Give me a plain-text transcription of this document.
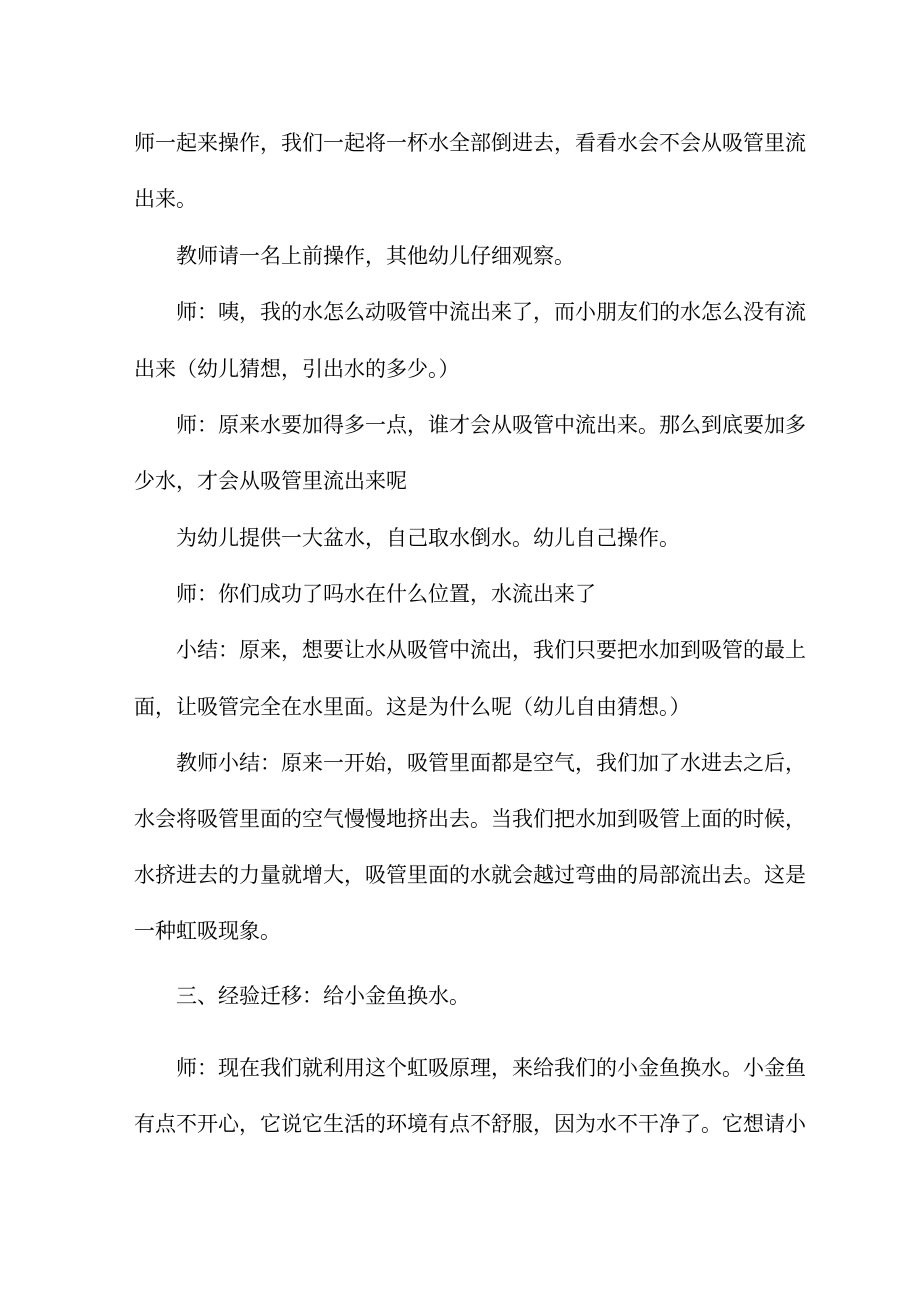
师一起来操作，我们一起将一杯水全部倒进去，看看水会不会从吸管里流
出来。
教师请一名上前操作，其他幼儿仔细观察。
师：咦，我的水怎么动吸管中流出来了，而小朋友们的水怎么没有流
出来（幼儿猜想，引出水的多少。）
师：原来水要加得多一点，谁才会从吸管中流出来。那么到底要加多
少水，才会从吸管里流出来呢
为幼儿提供一大盆水，自己取水倒水。幼儿自己操作。
师：你们成功了吗水在什么位置，水流出来了
小结：原来，想要让水从吸管中流出，我们只要把水加到吸管的最上
面，让吸管完全在水里面。这是为什么呢（幼儿自由猜想。）
教师小结：原来一开始，吸管里面都是空气，我们加了水进去之后，
水会将吸管里面的空气慢慢地挤出去。当我们把水加到吸管上面的时候，
水挤进去的力量就增大，吸管里面的水就会越过弯曲的局部流出去。这是
一种虹吸现象。
三、经验迁移：给小金鱼换水。
师：现在我们就利用这个虹吸原理，来给我们的小金鱼换水。小金鱼
有点不开心，它说它生活的环境有点不舒服，因为水不干净了。它想请小
